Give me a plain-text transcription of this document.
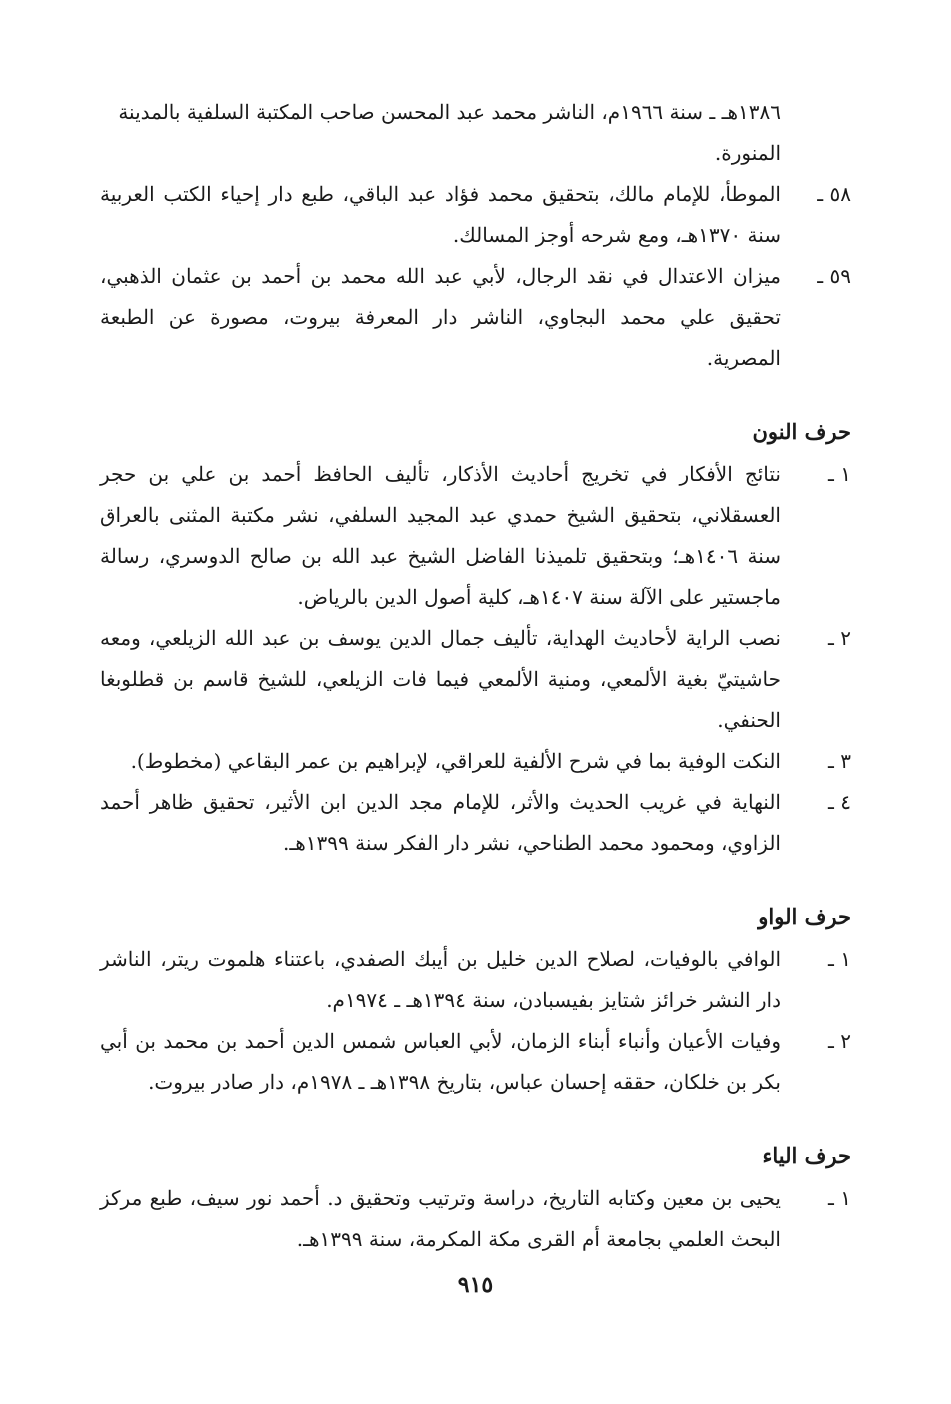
١٣٨٦هـ ـ سنة ١٩٦٦م، الناشر محمد عبد المحسن صاحب المكتبة السلفية بالمدينة المنورة.
٥٨ ـ
الموطأ، للإمام مالك، بتحقيق محمد فؤاد عبد الباقي، طبع دار إحياء الكتب العربية سنة ١٣٧٠هـ، ومع شرحه أوجز المسالك.
٥٩ ـ
ميزان الاعتدال في نقد الرجال، لأبي عبد الله محمد بن أحمد بن عثمان الذهبي، تحقيق علي محمد البجاوي، الناشر دار المعرفة بيروت، مصورة عن الطبعة المصرية.
حرف النون
١ ـ
نتائج الأفكار في تخريج أحاديث الأذكار، تأليف الحافظ أحمد بن علي بن حجر العسقلاني، بتحقيق الشيخ حمدي عبد المجيد السلفي، نشر مكتبة المثنى بالعراق سنة ١٤٠٦هـ؛ وبتحقيق تلميذنا الفاضل الشيخ عبد الله بن صالح الدوسري، رسالة ماجستير على الآلة سنة ١٤٠٧هـ، كلية أصول الدين بالرياض.
٢ ـ
نصب الراية لأحاديث الهداية، تأليف جمال الدين يوسف بن عبد الله الزيلعي، ومعه حاشيتيّ بغية الألمعي، ومنية الألمعي فيما فات الزيلعي، للشيخ قاسم بن قطلوبغا الحنفي.
٣ ـ
النكت الوفية بما في شرح الألفية للعراقي، لإبراهيم بن عمر البقاعي (مخطوط).
٤ ـ
النهاية في غريب الحديث والأثر، للإمام مجد الدين ابن الأثير، تحقيق ظاهر أحمد الزاوي، ومحمود محمد الطناحي، نشر دار الفكر سنة ١٣٩٩هـ.
حرف الواو
١ ـ
الوافي بالوفيات، لصلاح الدين خليل بن أيبك الصفدي، باعتناء هلموت ريتر، الناشر دار النشر خرائز شتايز بفيسبادن، سنة ١٣٩٤هـ ـ ١٩٧٤م.
٢ ـ
وفيات الأعيان وأنباء أبناء الزمان، لأبي العباس شمس الدين أحمد بن محمد بن أبي بكر بن خلكان، حققه إحسان عباس، بتاريخ ١٣٩٨هـ ـ ١٩٧٨م، دار صادر بيروت.
حرف الياء
١ ـ
يحيى بن معين وكتابه التاريخ، دراسة وترتيب وتحقيق د. أحمد نور سيف، طبع مركز البحث العلمي بجامعة أم القرى مكة المكرمة، سنة ١٣٩٩هـ.
٩١٥
